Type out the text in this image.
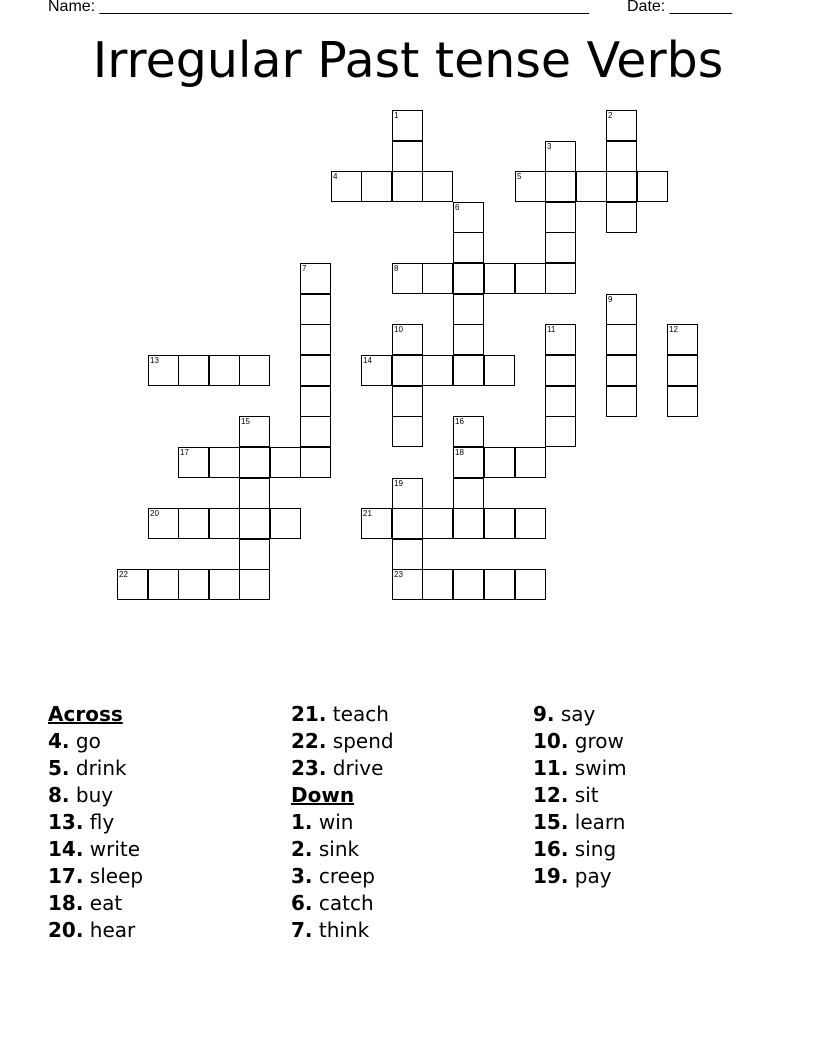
Name: _______________________________________________________ Date: _______
Irregular Past tense Verbs
1	2
3
4	5
6
7	8
9
10	11	12
13	14
15	16
17	18
19
20	21
22	23
Across
4. go
5. drink
8. buy
13. fly
14. write
17. sleep
18. eat
20. hear
21. teach
22. spend
23. drive
Down
1. win
2. sink
3. creep
6. catch
7. think
9. say
10. grow
11. swim
12. sit
15. learn
16. sing
19. pay
